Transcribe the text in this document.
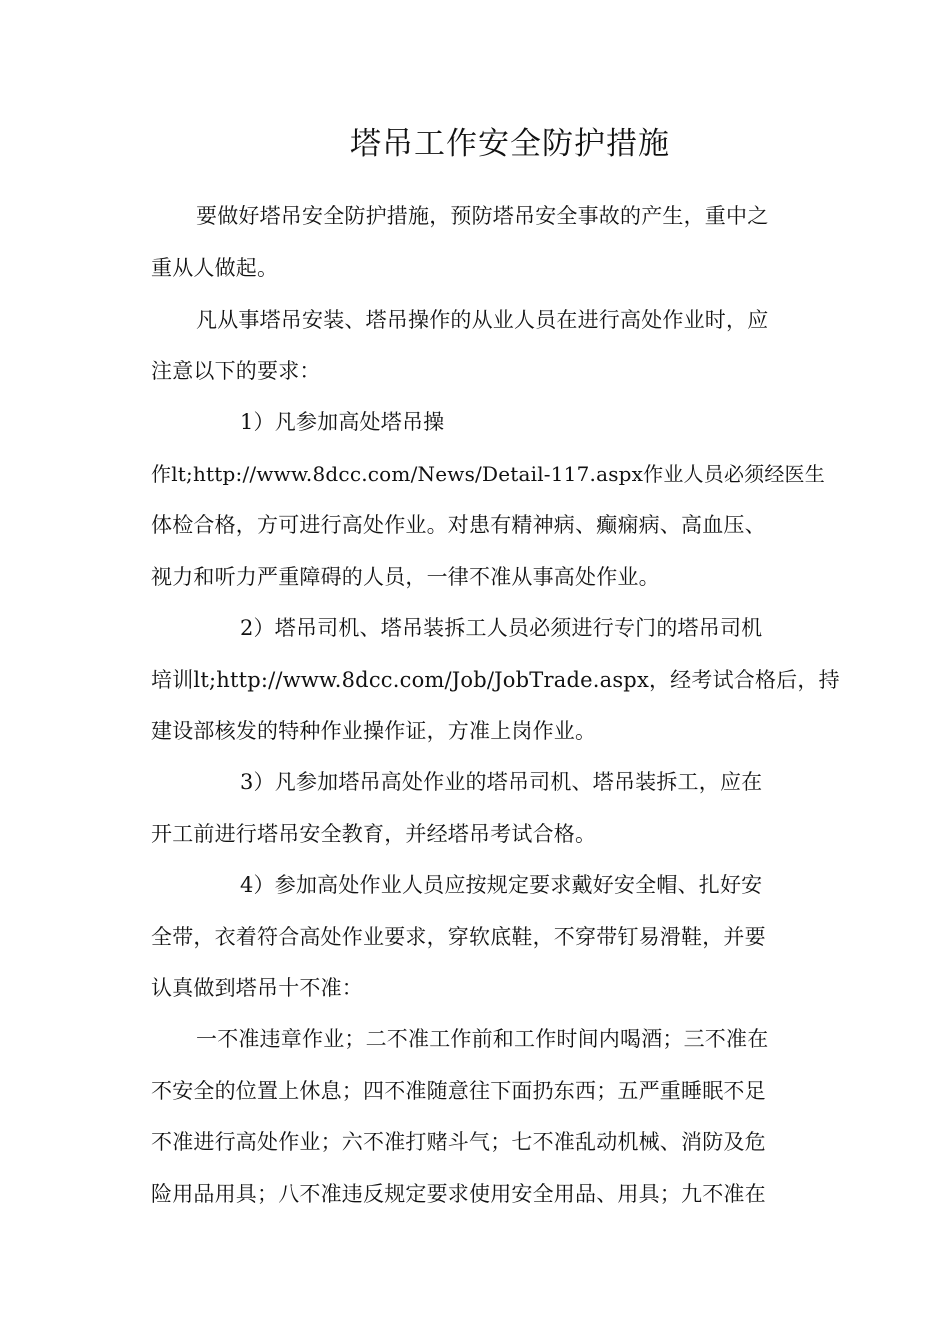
塔吊工作安全防护措施
要做好塔吊安全防护措施，预防塔吊安全事故的产生，重中之
重从人做起。
凡从事塔吊安装、塔吊操作的从业人员在进行高处作业时，应
注意以下的要求：
1）凡参加高处塔吊操
作lt;http://www.8dcc.com/News/Detail-117.aspx作业人员必须经医生
体检合格，方可进行高处作业。对患有精神病、癫痫病、高血压、
视力和听力严重障碍的人员，一律不准从事高处作业。
2）塔吊司机、塔吊装拆工人员必须进行专门的塔吊司机
培训lt;http://www.8dcc.com/Job/JobTrade.aspx，经考试合格后，持
建设部核发的特种作业操作证，方准上岗作业。
3）凡参加塔吊高处作业的塔吊司机、塔吊装拆工，应在
开工前进行塔吊安全教育，并经塔吊考试合格。
4）参加高处作业人员应按规定要求戴好安全帽、扎好安
全带，衣着符合高处作业要求，穿软底鞋，不穿带钉易滑鞋，并要
认真做到塔吊十不准：
一不准违章作业；二不准工作前和工作时间内喝酒；三不准在
不安全的位置上休息；四不准随意往下面扔东西；五严重睡眠不足
不准进行高处作业；六不准打赌斗气；七不准乱动机械、消防及危
险用品用具；八不准违反规定要求使用安全用品、用具；九不准在
